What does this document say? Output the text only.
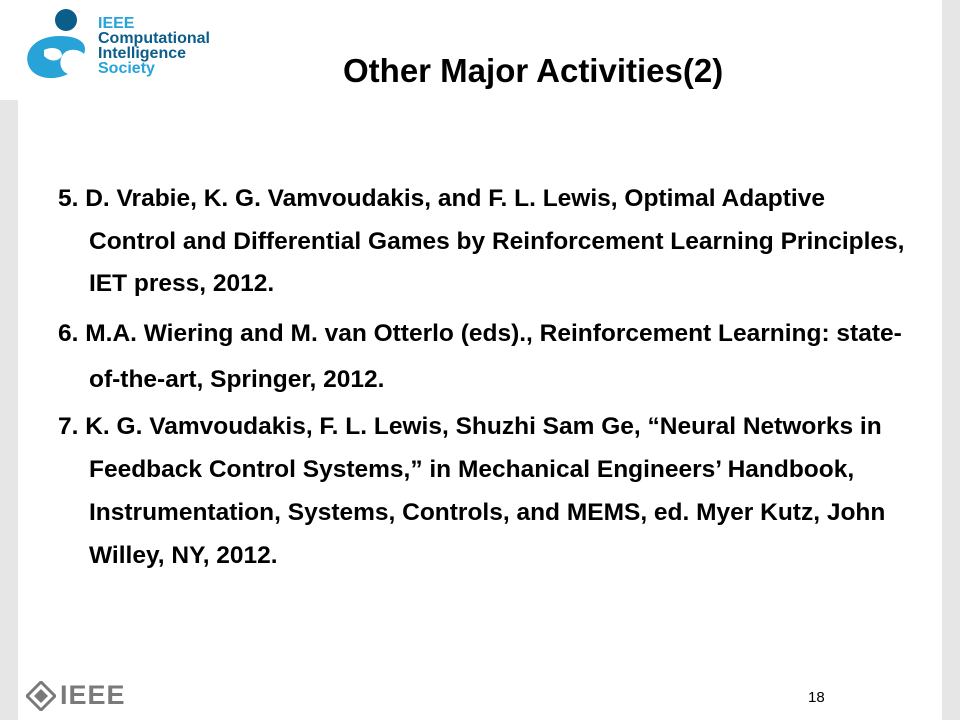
IEEE
Computational
Intelligence
Society	Other Major Activities(2)
5. D. Vrabie, K. G. Vamvoudakis, and F. L. Lewis, Optimal Adaptive Control and Differential Games by Reinforcement Learning Principles, IET press, 2012.
6. M.A. Wiering and M. van Otterlo (eds)., Reinforcement Learning: state-of-the-art, Springer, 2012.
7. K. G. Vamvoudakis, F. L. Lewis, Shuzhi Sam Ge, “Neural Networks in Feedback Control Systems,” in Mechanical Engineers’ Handbook, Instrumentation, Systems, Controls, and MEMS, ed. Myer Kutz, John Willey, NY, 2012.
IEEE	18
